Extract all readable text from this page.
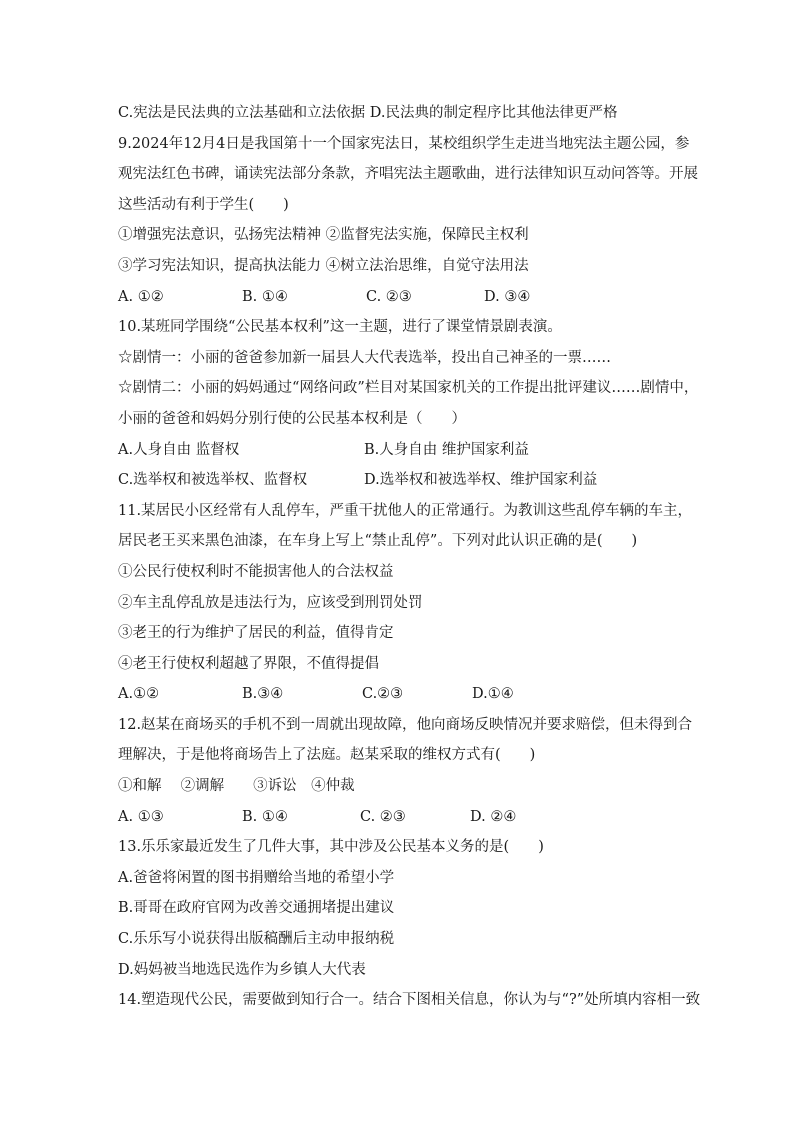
C.宪法是民法典的立法基础和立法依据 D.民法典的制定程序比其他法律更严格
9.2024年12月4日是我国第十一个国家宪法日，某校组织学生走进当地宪法主题公园，参
观宪法红色书碑，诵读宪法部分条款，齐唱宪法主题歌曲，进行法律知识互动问答等。开展
这些活动有利于学生(　　)
①增强宪法意识，弘扬宪法精神 ②监督宪法实施，保障民主权利
③学习宪法知识，提高执法能力 ④树立法治思维，自觉守法用法
A. ①②	B. ①④	C. ②③	D. ③④
10.某班同学围绕“公民基本权利”这一主题，进行了课堂情景剧表演。
☆剧情一：小丽的爸爸参加新一届县人大代表选举，投出自己神圣的一票……
☆剧情二：小丽的妈妈通过“网络问政”栏目对某国家机关的工作提出批评建议……剧情中，
小丽的爸爸和妈妈分别行使的公民基本权利是（　　）
A.人身自由 监督权	B.人身自由 维护国家利益
C.选举权和被选举权、监督权	D.选举权和被选举权、维护国家利益
11.某居民小区经常有人乱停车，严重干扰他人的正常通行。为教训这些乱停车辆的车主，
居民老王买来黑色油漆，在车身上写上“禁止乱停”。下列对此认识正确的是(　　)
①公民行使权利时不能损害他人的合法权益
②车主乱停乱放是违法行为，应该受到刑罚处罚
③老王的行为维护了居民的利益，值得肯定
④老王行使权利超越了界限，不值得提倡
A.①②	B.③④	C.②③	D.①④
12.赵某在商场买的手机不到一周就出现故障，他向商场反映情况并要求赔偿，但未得到合
理解决，于是他将商场告上了法庭。赵某采取的维权方式有(　　)
①和解　 ②调解　　③诉讼　④仲裁
A. ①③	B. ①④	C. ②③	D. ②④
13.乐乐家最近发生了几件大事，其中涉及公民基本义务的是(　　)
A.爸爸将闲置的图书捐赠给当地的希望小学
B.哥哥在政府官网为改善交通拥堵提出建议
C.乐乐写小说获得出版稿酬后主动申报纳税
D.妈妈被当地选民选作为乡镇人大代表
14.塑造现代公民，需要做到知行合一。结合下图相关信息，你认为与“?”处所填内容相一致
